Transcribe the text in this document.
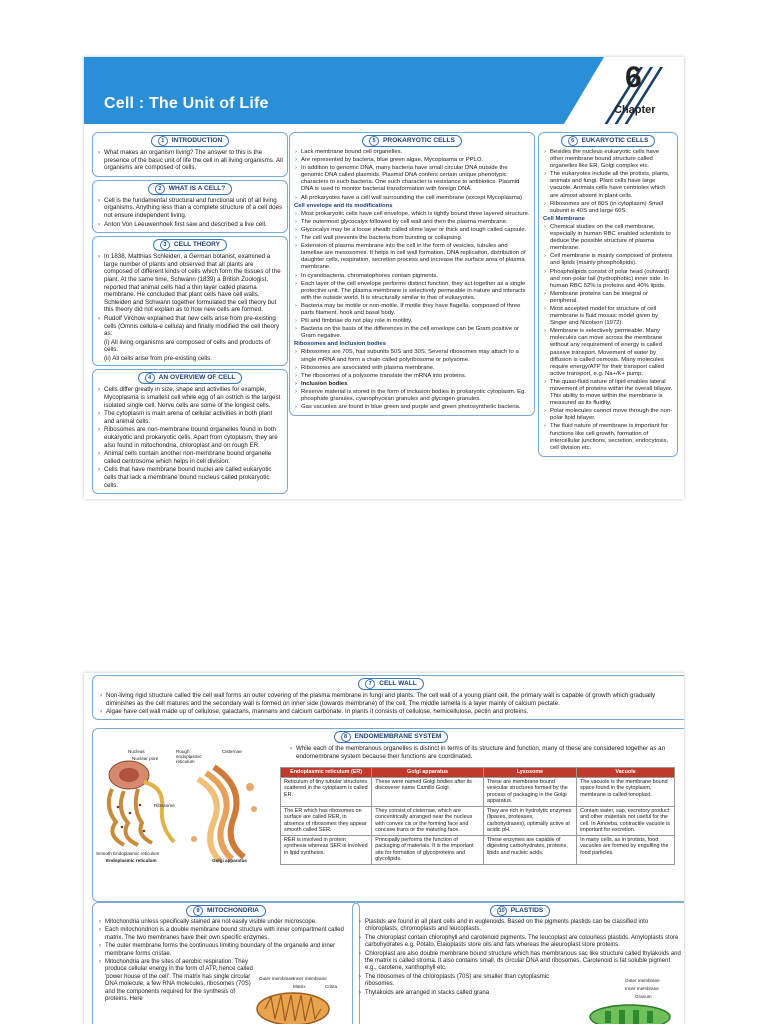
Cell : The Unit of Life
6
Chapter
1 INTRODUCTION
› What makes an organism living? The answer to this is the presence of the basic unit of life the cell in all living organisms. All organisms are composed of cells.
2 WHAT IS A CELL?
› Cell is the fundamental structural and functional unit of all living organisms. Anything less than a complete structure of a cell does not ensure independent living.
› Anton Von Leeuwenhoek first saw and described a live cell.
3 CELL THEORY
› In 1838, Matthias Schleiden, a German botanist, examined a large number of plants and observed that all plants are composed of different kinds of cells which form the tissues of the plant. At the same time, Schwann (1839) a British Zoologist, reported that animal cells had a thin layer called plasma membrane. He concluded that plant cells have cell walls. Schleiden and Schwann together formulated the cell theory but this theory did not explain as to how new cells are formed.
› Rudolf Virchow explained that new cells arise from pre-existing cells (Omnis cellula-e cellula) and finally modified the cell theory as:
(i) All living organisms are composed of cells and products of cells.
(ii) All cells arise from pre-existing cells.
4 AN OVERVIEW OF CELL
› Cells differ greatly in size, shape and activities for example, Mycoplasma is smallest cell while egg of an ostrich is the largest isolated single cell. Nerve cells are some of the longest cells.
› The cytoplasm is main arena of cellular activities in both plant and animal cells.
› Ribosomes are non-membrane bound organelles found in both eukaryotic and prokaryotic cells. Apart from cytoplasm, they are also found in mitochondria, chloroplast and on rough ER.
› Animal cells contain another non-membrane bound organelle called centrosome which helps in cell division.
› Cells that have membrane bound nuclei are called eukaryotic cells that lack a membrane bound nucleus called prokaryotic cells.
5 PROKARYOTIC CELLS
› Lack membrane bound cell organelles.
› Are represented by bacteria, blue green algae, Mycoplasma or PPLO.
› In addition to genomic DNA, many bacteria have small circular DNA outside the genomic DNA called plasmids. Plasmid DNA confers certain unique phenotypic characters to such bacteria. One such character is resistance to antibiotics. Plasmid DNA is used to monitor bacterial transformation with foreign DNA.
› All prokaryotes have a cell wall surrounding the cell membrane (except Mycoplasma)
Cell envelope and its modifications
› Most prokaryotic cells have cell envelope, which is tightly bound three layered structure.
› The outermost glycocalyx followed by cell wall and then the plasma membrane.
› Glycocalyx may be a loose sheath called slime layer or thick and tough called capsule.
› The cell wall prevents the bacteria from bursting or collapsing.
› Extension of plasma membrane into the cell in the form of vesicles, tubules and lamellae are mesosomes. It helps in cell wall formation, DNA replication, distribution of daughter cells, respiration, secretion process and increase the surface area of plasma membrane.
› In cyanobacteria, chromatophores contain pigments.
› Each layer of the cell envelope performs distinct function, they act together as a single protective unit. The plasma membrane is selectively permeable in nature and interacts with the outside world. It is structurally similar to that of eukaryotes.
› Bacteria may be motile or non-motile. If motile they have flagella, composed of three parts filament, hook and basal body.
› Pili and fimbriae do not play role in motility.
› Bacteria on the basis of the differences in the cell envelope can be Gram positive or Gram negative.
Ribosomes and Inclusion bodies
› Ribosomes are 70S, has subunits 50S and 30S. Several ribosomes may attach to a single mRNA and form a chain called polyribosome or polysome.
› Ribosomes are associated with plasma membrane.
› The ribosomes of a polysome translate the mRNA into proteins.
› Inclusion bodies
› Reserve material is stored in the form of inclusion bodies in prokaryotic cytoplasm. Eg. phosphate granules, cyanophycean granules and glycogen granules.
› Gas vacuoles are found in blue green and purple and green photosynthetic bacteria.
6 EUKARYOTIC CELLS
› Besides the nucleus eukaryotic cells have other membrane bound structure called organelles like ER, Golgi complex etc.
› The eukaryotes include all the protists, plants, animals and fungi. Plant cells have large vacuole. Animals cells have centrioles which are almost absent in plant cells.
› Ribosomes are of 80S (in cytoplasm) Small subunit is 40S and large 60S.
Cell Membrane
› Chemical studies on the cell membrane, especially in human RBC enabled scientists to deduce the possible structure of plasma membrane.
› Cell membrane is mainly composed of proteins and lipids (mainly phospholipids).
› Phospholipids consist of polar head (outward) and non-polar tail (hydrophobic) inner side. In human RBC 52% is proteins and 40% lipids.
› Membrane proteins can be integral or peripheral.
› Most accepted model for structure of cell membrane is fluid mosaic model given by Singer and Nicolson (1972).
› Membrane is selectively permeable. Many molecules can move across the membrane without any requirement of energy is called passive transport. Movement of water by diffusion is called osmosis. Many molecules require energy/ATP for their transport called active transport, e.g. Na+/K+ pump.
› The quasi-fluid nature of lipid enables lateral movement of proteins within the overall bilayer. This ability to move within the membrane is measured as its fluidity.
› Polar molecules cannot move through the non-polar lipid bilayer.
› The fluid nature of membrane is important for functions like cell growth, formation of intercellular junctions, secretion, endocytosis, cell division etc.
7 CELL WALL
› Non-living rigid structure called the cell wall forms an outer covering of the plasma membrane in fungi and plants. The cell wall of a young plant cell, the primary wall is capable of growth which gradually diminishes as the cell matures and the secondary wall is formed on inner side (towards membrane) of the cell. The middle lamella is a layer mainly of calcium pectate.
› Algae have cell wall made up of cellulose, galactans, mannans and calcium carbonate. In plants it consists of cellulose, hemicellulose, pectin and proteins.
8 ENDOMEMBRANE SYSTEM
› While each of the membranous organelles is distinct in terms of its structure and function, many of these are considered together as an endomembrane system because their functions are coordinated.
Nucleus
Nuclear pore
Rough endoplasmic reticulum
Cisternae
Ribosome
Smooth Endoplasmic reticulum
Endoplasmic reticulum	Golgi apparatus
Endoplasmic reticulum (ER)	Golgi apparatus	Lysosome	Vacuole
Reticulum of tiny tubular structures scattered in the cytoplasm is called ER.	These were named Golgi bodies after its discoverer name Camillo Golgi.	These are membrane bound vesicular structures formed by the process of packaging in the Golgi apparatus.	The vacuole is the membrane bound space found in the cytoplasm, membrane is called tonoplast.
The ER which has ribosomes on surface are called RER, in absence of ribosomes they appear smooth called SER.	They consist of cisternae, which are concentrically arranged near the nucleus with convex cis or the forming face and concave trans or the maturing face.	They are rich in hydrolytic enzymes (lipases, proteases, carbohydrases), optimally active at acidic pH.	Contain water, sap, excretory product and other materials not useful for the cell. In Amoeba, contractile vacuole is important for excretion.
RER is involved in protein synthesis whereas SER is involved in lipid synthesis.	Principally performs the function of packaging of materials. It is the important site for formation of glycoproteins and glycolipids.	These enzymes are capable of digesting carbohydrates, proteins, lipids and nucleic acids.	In many cells, as in protists, food vacuoles are formed by engulfing the food particles.
9 MITOCHONDRIA
› Mitochondria unless specifically stained are not easily visible under microscope.
› Each mitochondrion is a double membrane bound structure with inner compartment called matrix. The two membranes have their own specific enzymes.
› The outer membrane forms the continuous limiting boundary of the organelle and inner membrane forms cristae.
› Mitochondria are the sites of aerobic respiration. They produce cellular energy in the form of ATP, hence called 'power house of the cell'. The matrix has single circular DNA molecule, a few RNA molecules, ribosomes (70S) and the components required for the synthesis of proteins. Here
Outer membrane Inner membrane
Matrix	Crista
10 PLASTIDS
› Plastids are found in all plant cells and in euglenoids. Based on the pigments plastids can be classified into chloroplasts, chromoplasts and leucoplasts.
› The chloroplast contain chlorophyll and carotenoid pigments. The leucoplast are colourless plastids. Amyloplasts store carbohydrates e.g. Potato. Elaioplasts store oils and fats whereas the aleuroplast store proteins.
› Chloroplast are also double membrane bound structure which has membranous sac like structure called thylakoids and the matrix is called stroma. It also contains small, ds circular DNA and ribosomes. Carotenoid is fat soluble pigment e.g., carotene, xanthophyll etc.
› The ribosomes of the chloroplasts (70S) are smaller than cytoplasmic ribosomes.
› Thylakoids are arranged in stacks called grana
Outer membrane
Inner membrane
Granum
